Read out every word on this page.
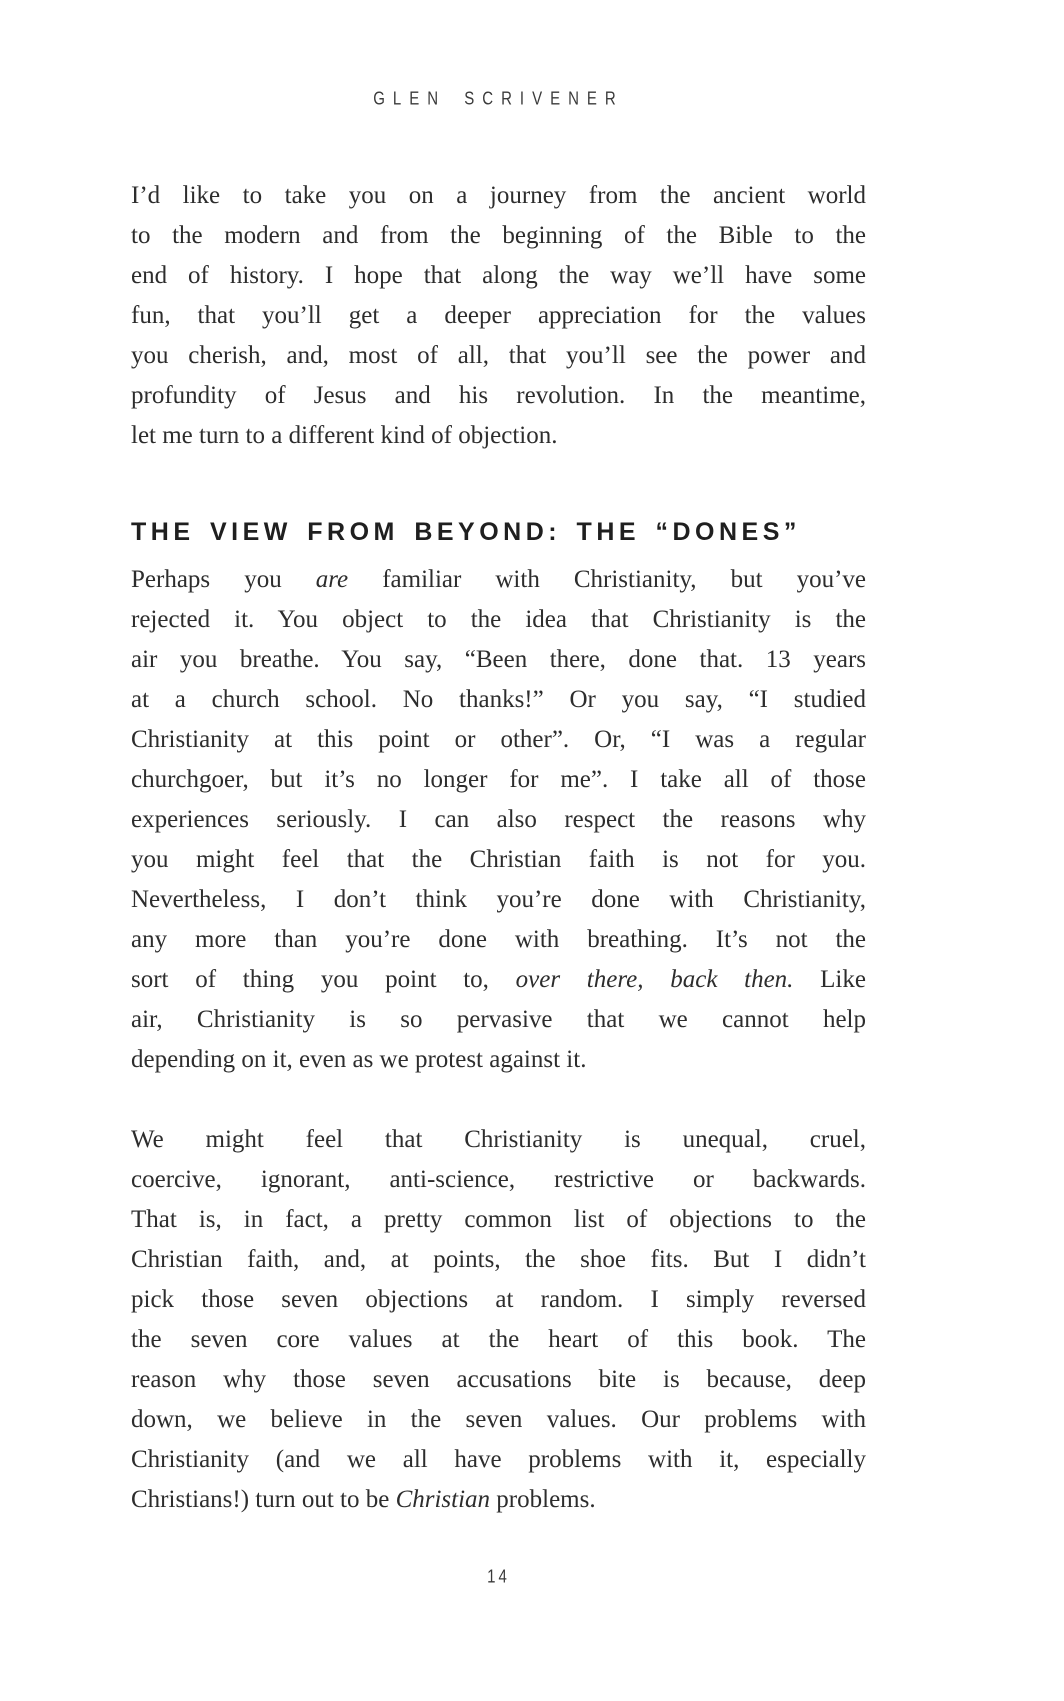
GLEN SCRIVENER
I’d like to take you on a journey from the ancient world
to the modern and from the beginning of the Bible to the
end of history. I hope that along the way we’ll have some
fun, that you’ll get a deeper appreciation for the values
you cherish, and, most of all, that you’ll see the power and
profundity of Jesus and his revolution. In the meantime,
let me turn to a different kind of objection.
THE VIEW FROM BEYOND: THE “DONES”
Perhaps you are familiar with Christianity, but you’ve
rejected it. You object to the idea that Christianity is the
air you breathe. You say, “Been there, done that. 13 years
at a church school. No thanks!” Or you say, “I studied
Christianity at this point or other”. Or, “I was a regular
churchgoer, but it’s no longer for me”. I take all of those
experiences seriously. I can also respect the reasons why
you might feel that the Christian faith is not for you.
Nevertheless, I don’t think you’re done with Christianity,
any more than you’re done with breathing. It’s not the
sort of thing you point to, over there, back then. Like
air, Christianity is so pervasive that we cannot help
depending on it, even as we protest against it.
We might feel that Christianity is unequal, cruel,
coercive, ignorant, anti-science, restrictive or backwards.
That is, in fact, a pretty common list of objections to the
Christian faith, and, at points, the shoe fits. But I didn’t
pick those seven objections at random. I simply reversed
the seven core values at the heart of this book. The
reason why those seven accusations bite is because, deep
down, we believe in the seven values. Our problems with
Christianity (and we all have problems with it, especially
Christians!) turn out to be Christian problems.
14
